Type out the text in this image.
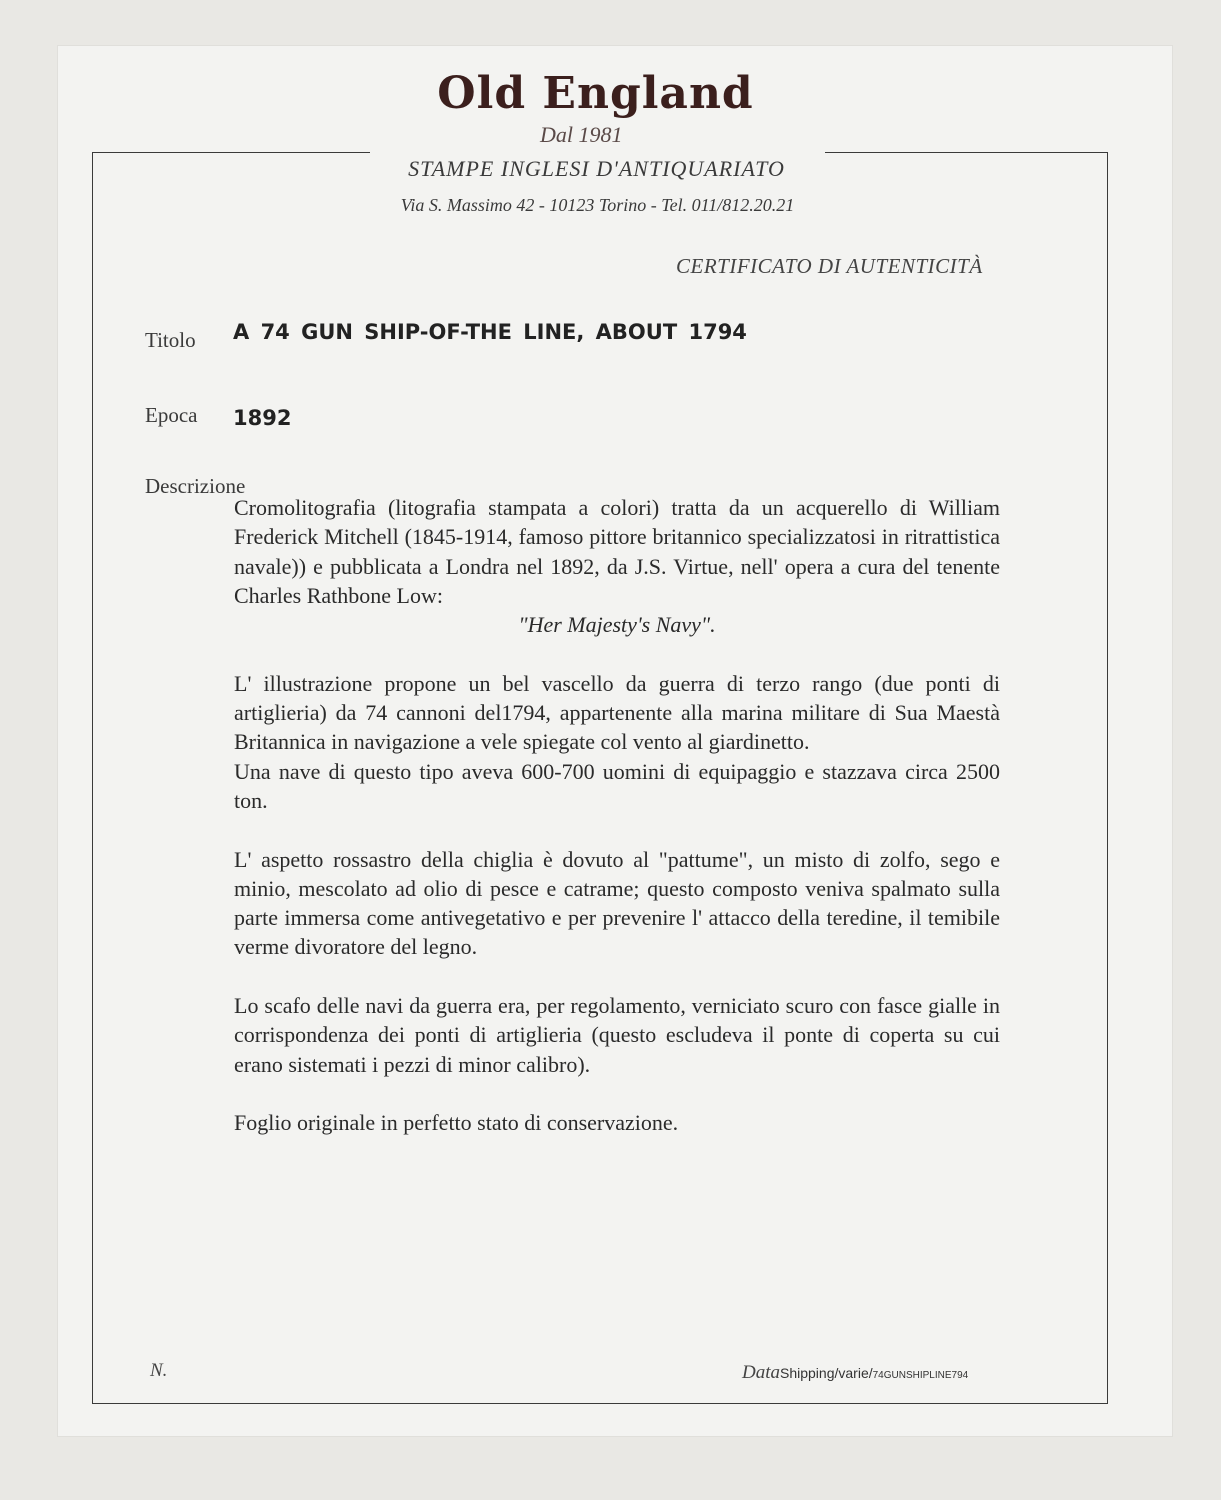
Old England
Dal 1981
STAMPE INGLESI D'ANTIQUARIATO
Via S. Massimo 42 - 10123 Torino - Tel. 011/812.20.21
CERTIFICATO DI AUTENTICITÀ
Titolo A 74 GUN SHIP-OF-THE LINE, ABOUT 1794
Epoca 1892
Descrizione

Cromolitografia (litografia stampata a colori) tratta da un acquerello di William Frederick Mitchell (1845-1914, famoso pittore britannico specializzatosi in ritrattistica navale)) e pubblicata a Londra nel 1892, da J.S. Virtue, nell' opera a cura del tenente Charles Rathbone Low:

"Her Majesty's Navy".

L' illustrazione propone un bel vascello da guerra di terzo rango (due ponti di artiglieria) da 74 cannoni del1794, appartenente alla marina militare di Sua Maestà Britannica in navigazione a vele spiegate col vento al giardinetto.

Una nave di questo tipo aveva 600-700 uomini di equipaggio e stazzava circa 2500 ton.

L' aspetto rossastro della chiglia è dovuto al "pattume", un misto di zolfo, sego e minio, mescolato ad olio di pesce e catrame; questo composto veniva spalmato sulla parte immersa come antivegetativo e per prevenire l' attacco della teredine, il temibile verme divoratore del legno.

Lo scafo delle navi da guerra era, per regolamento, verniciato scuro con fasce gialle in corrispondenza dei ponti di artiglieria (questo escludeva il ponte di coperta su cui erano sistemati i pezzi di minor calibro).

Foglio originale in perfetto stato di conservazione.

N.	DataShipping/varie/74GUNSHIPLINE794
